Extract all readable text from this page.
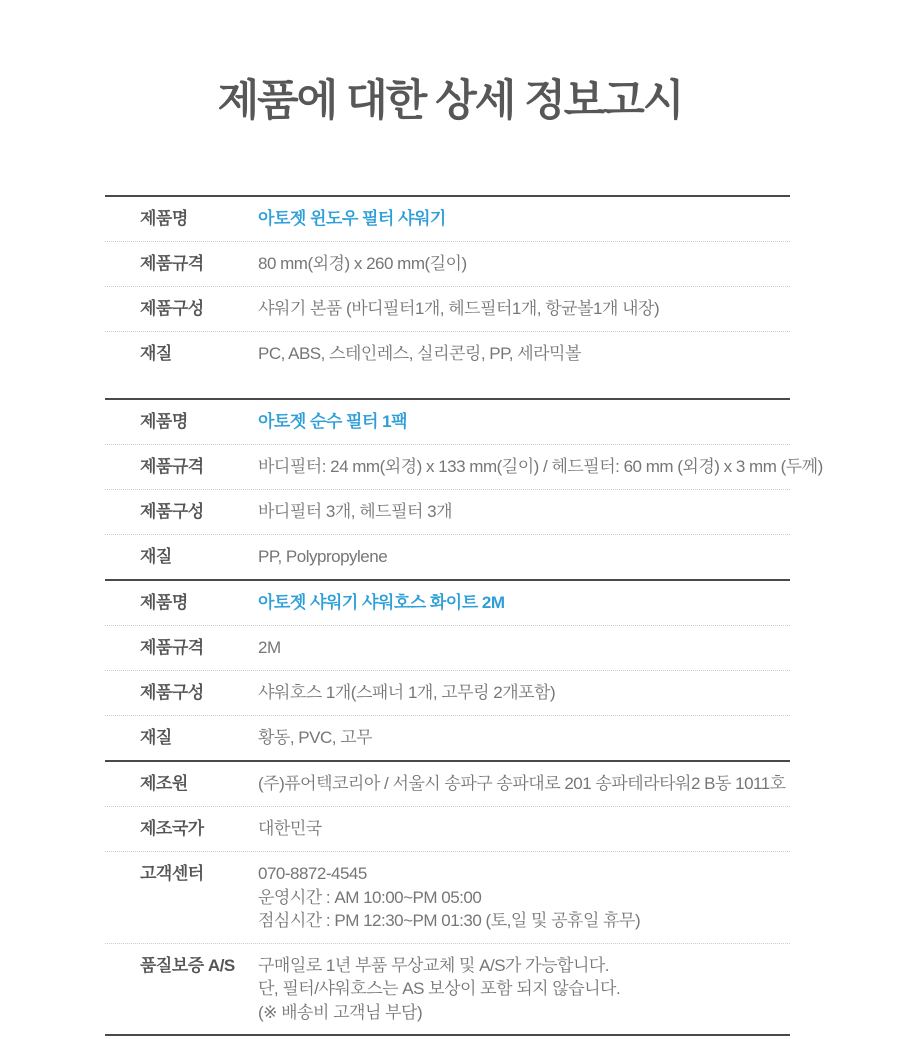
제품에 대한 상세 정보고시
제품명	아토젯 윈도우 필터 샤워기
제품규격	80 mm(외경) x 260 mm(길이)
제품구성	샤워기 본품 (바디필터1개, 헤드필터1개, 항균볼1개 내장)
재질	PC, ABS, 스테인레스, 실리콘링, PP, 세라믹볼
제품명	아토젯 순수 필터 1팩
제품규격	바디필터: 24 mm(외경) x 133 mm(길이) / 헤드필터: 60 mm (외경) x 3 mm (두께)
제품구성	바디필터 3개, 헤드필터 3개
재질	PP, Polypropylene
제품명	아토젯 샤워기 샤워호스 화이트 2M
제품규격	2M
제품구성	샤워호스 1개(스패너 1개, 고무링 2개포함)
재질	황동, PVC, 고무
제조원	(주)퓨어텍코리아 / 서울시 송파구 송파대로 201 송파테라타워2 B동 1011호
제조국가	대한민국
고객센터	070-8872-4545
운영시간 : AM 10:00~PM 05:00
점심시간 : PM 12:30~PM 01:30 (토,일 및 공휴일 휴무)
품질보증 A/S	구매일로 1년 부품 무상교체 및 A/S가 가능합니다.
단, 필터/샤워호스는 AS 보상이 포함 되지 않습니다.
(※ 배송비 고객님 부담)
